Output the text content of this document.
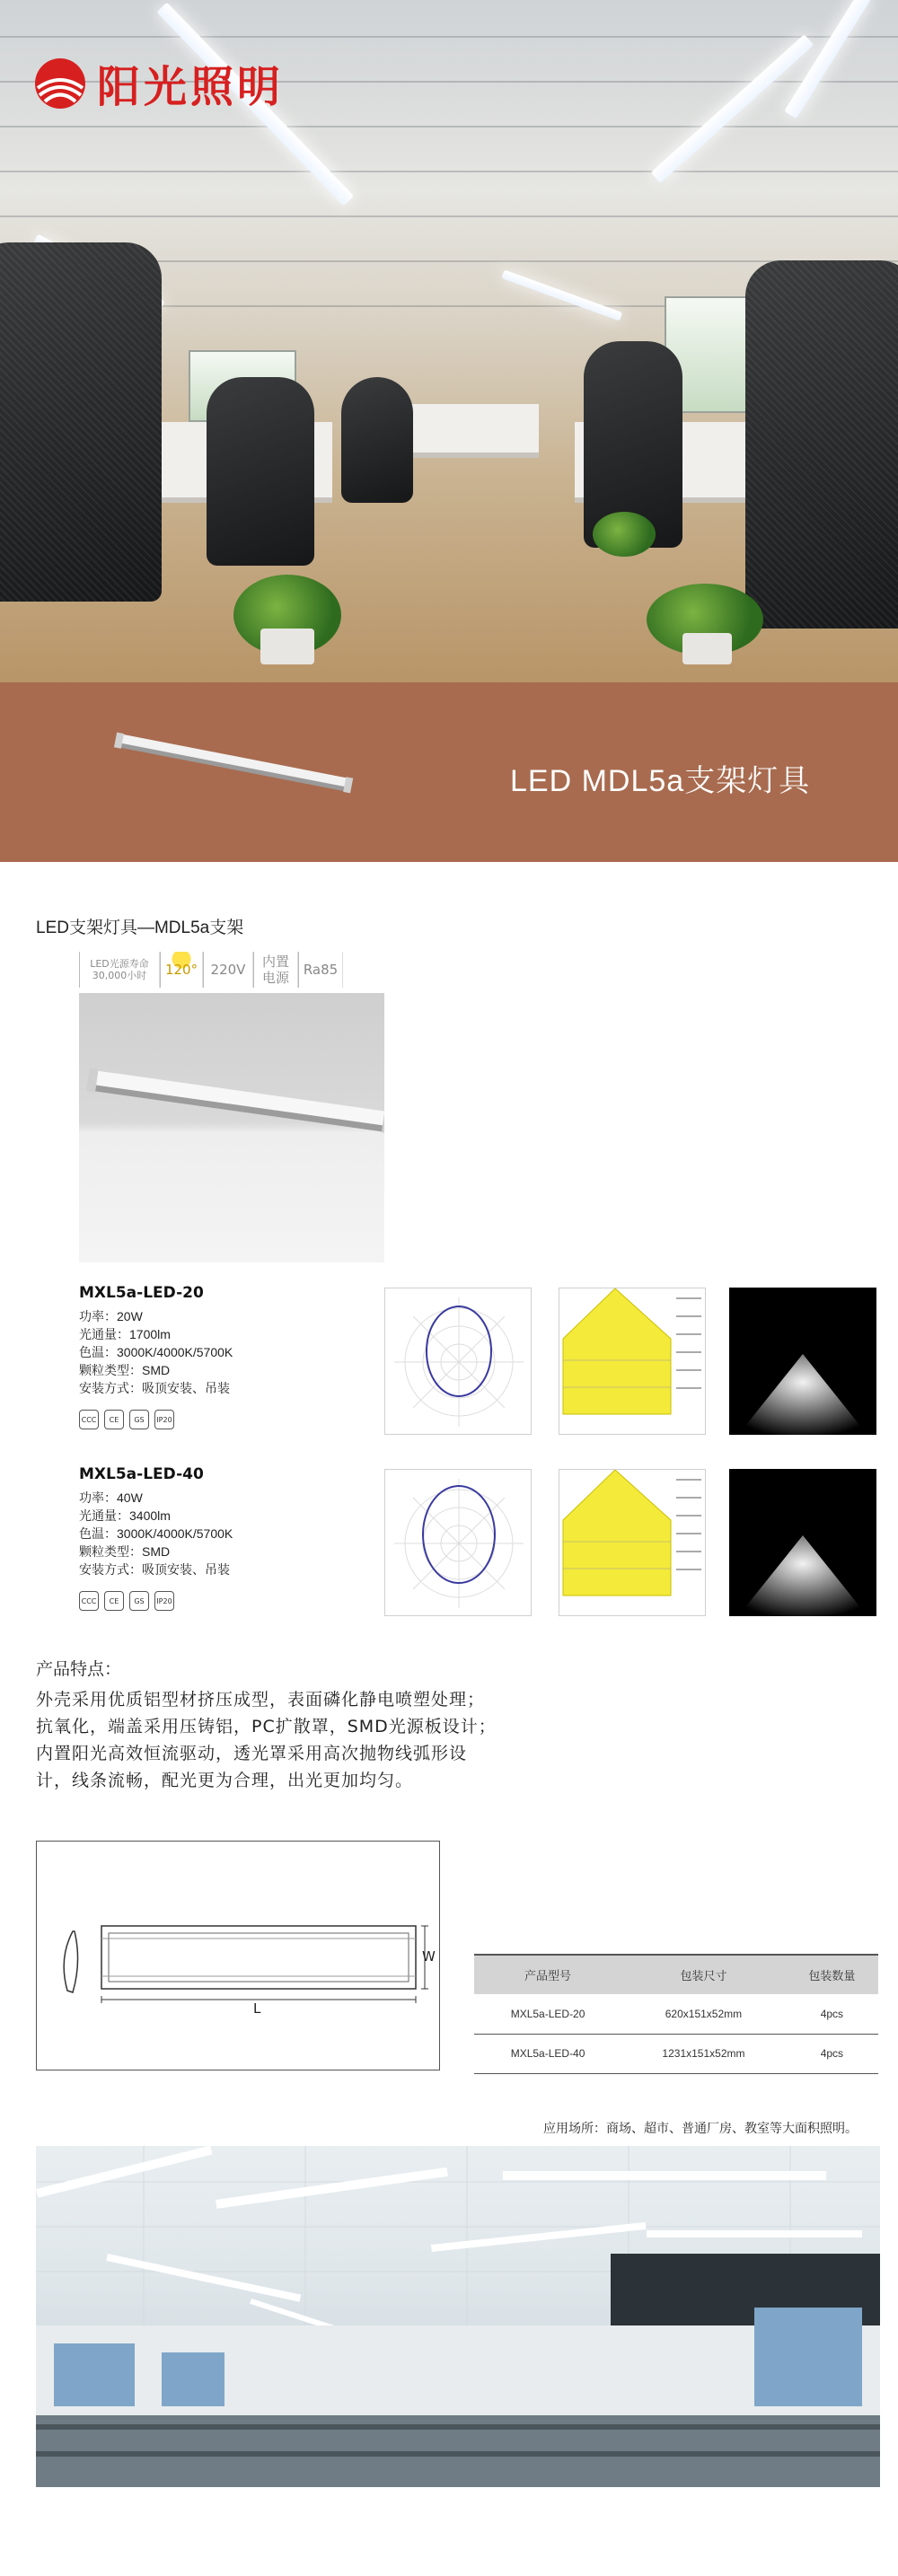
阳光照明
LED MDL5a支架灯具
LED支架灯具—MDL5a支架
LED光源寿命 30,000小时	120° 220V	内置电源	Ra85
MXL5a-LED-20
功率：20W
光通量：1700lm
色温：3000K/4000K/5700K
颗粒类型：SMD
安装方式：吸顶安装、吊装
CCC	CE	GS	IP20
MXL5a-LED-40
功率：40W
光通量：3400lm
色温：3000K/4000K/5700K
颗粒类型：SMD
安装方式：吸顶安装、吊装
CCC	CE	GS	IP20
产品特点：
外壳采用优质铝型材挤压成型，表面磷化静电喷塑处理；
抗氧化，端盖采用压铸铝，PC扩散罩，SMD光源板设计；
内置阳光高效恒流驱动，透光罩采用高次抛物线弧形设
计，线条流畅，配光更为合理，出光更加均匀。
W
L
产品型号	包装尺寸	包装数量
MXL5a-LED-20	620x151x52mm	4pcs
MXL5a-LED-40	1231x151x52mm	4pcs
应用场所：商场、超市、普通厂房、教室等大面积照明。
